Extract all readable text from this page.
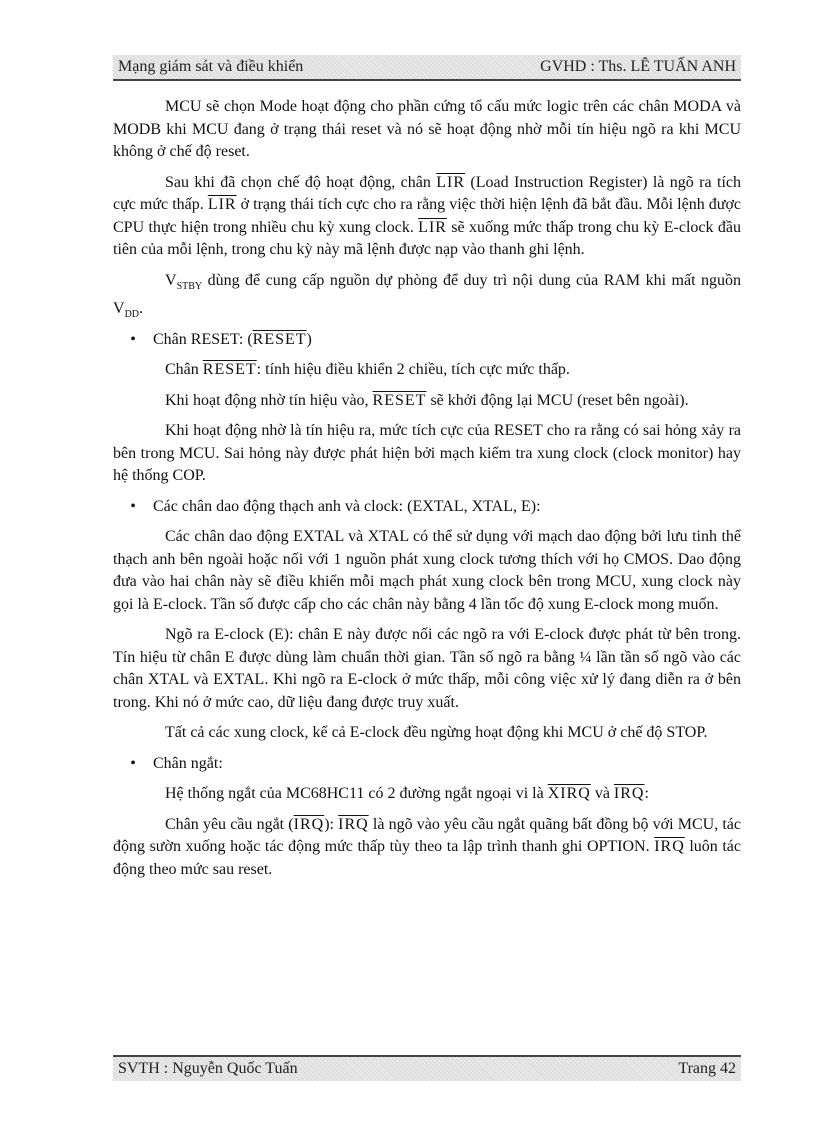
Mạng giám sát và điều khiển	GVHD : Ths. LÊ TUẤN ANH

MCU sẽ chọn Mode hoạt động cho phần cứng tổ cấu mức logic trên các chân MODA và MODB khi MCU đang ở trạng thái reset và nó sẽ hoạt động nhờ mỗi tín hiệu ngõ ra khi MCU không ở chế độ reset.

Sau khi đã chọn chế độ hoạt động, chân $\overline{LIR}$ (Load Instruction Register) là ngõ ra tích cực mức thấp. $\overline{LIR}$ ở trạng thái tích cực cho ra rằng việc thời hiện lệnh đã bắt đầu. Mỗi lệnh được CPU thực hiện trong nhiều chu kỳ xung clock. $\overline{LIR}$ sẽ xuống mức thấp trong chu kỳ E-clock đầu tiên của mỗi lệnh, trong chu kỳ này mã lệnh được nạp vào thanh ghi lệnh.

$V_{STBY}$ dùng để cung cấp nguồn dự phòng để duy trì nội dung của RAM khi mất nguồn $V_{DD}$.

•	Chân RESET: (RESET)

Chân RESET: tính hiệu điều khiển 2 chiều, tích cực mức thấp.

Khi hoạt động nhờ tín hiệu vào, RESET sẽ khởi động lại MCU (reset bên ngoài).

Khi hoạt động nhờ là tín hiệu ra, mức tích cực của RESET cho ra rằng có sai hỏng xảy ra bên trong MCU. Sai hỏng này được phát hiện bởi mạch kiểm tra xung clock (clock monitor) hay hệ thống COP.

•	Các chân dao động thạch anh và clock: (EXTAL, XTAL, E):

Các chân dao động EXTAL và XTAL có thể sử dụng với mạch dao động bởi lưu tinh thể thạch anh bên ngoài hoặc nối với 1 nguồn phát xung clock tương thích với họ CMOS. Dao động đưa vào hai chân này sẽ điều khiển mỗi mạch phát xung clock bên trong MCU, xung clock này gọi là E-clock. Tần số được cấp cho các chân này bằng 4 lần tốc độ xung E-clock mong muốn.

Ngõ ra E-clock (E): chân E này được nối các ngõ ra với E-clock được phát từ bên trong. Tín hiệu từ chân E được dùng làm chuẩn thời gian. Tần số ngõ ra bằng ¼ lần tần số ngõ vào các chân XTAL và EXTAL. Khi ngõ ra E-clock ở mức thấp, mỗi công việc xử lý đang diễn ra ở bên trong. Khi nó ở mức cao, dữ liệu đang được truy xuất.

Tất cả các xung clock, kể cả E-clock đều ngừng hoạt động khi MCU ở chế độ STOP.

•	Chân ngắt:

Hệ thống ngắt của MC68HC11 có 2 đường ngắt ngoại vi là XIRQ và $\overline{IRQ}$:

Chân yêu cầu ngắt $(\overline{IRQ})$: $\overline{IRQ}$ là ngõ vào yêu cầu ngắt quãng bất đồng bộ với MCU, tác động sườn xuống hoặc tác động mức thấp tùy theo ta lập trình thanh ghi OPTION. $\overline{IRQ}$ luôn tác động theo mức sau reset.

SVTH : Nguyễn Quốc Tuấn	Trang 42
